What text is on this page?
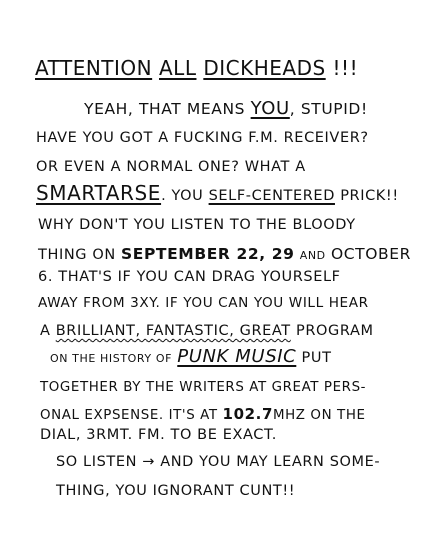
ATTENTION ALL DICKHEADS !!!
YEAH, THAT MEANS YOU, STUPID!
HAVE YOU GOT A FUCKING F.M. RECEIVER?
OR EVEN A NORMAL ONE? WHAT A
SMARTARSE. YOU SELF-CENTERED PRICK!!
WHY DON'T YOU LISTEN TO THE BLOODY
THING ON SEPTEMBER 22, 29 AND OCTOBER
6. THAT'S IF YOU CAN DRAG YOURSELF
AWAY FROM 3XY. IF YOU CAN YOU WILL HEAR
A BRILLIANT, FANTASTIC, GREAT PROGRAM
ON THE HISTORY OF PUNK MUSIC PUT
TOGETHER BY THE WRITERS AT GREAT PERS-
ONAL EXPSENSE. IT'S AT 102.7MHZ ON THE
DIAL, 3RMT. FM. TO BE EXACT.
SO LISTEN → AND YOU MAY LEARN SOME-
THING, YOU IGNORANT CUNT!!
